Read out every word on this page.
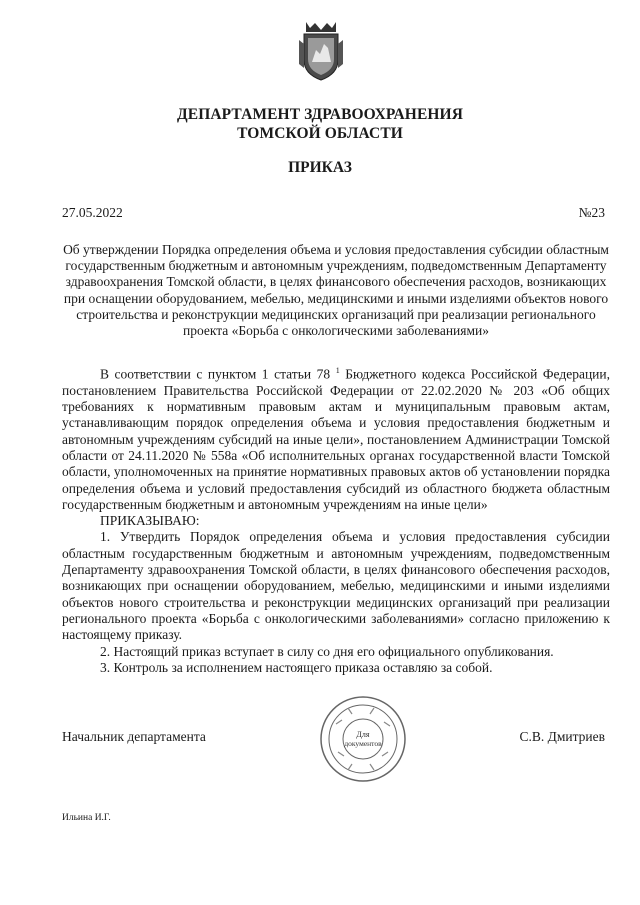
ДЕПАРТАМЕНТ ЗДРАВООХРАНЕНИЯ
ТОМСКОЙ ОБЛАСТИ
ПРИКАЗ
27.05.2022	№23
Об утверждении Порядка определения объема и условия предоставления субсидии областным государственным бюджетным и автономным учреждениям, подведомственным Департаменту здравоохранения Томской области, в целях финансового обеспечения расходов, возникающих при оснащении оборудованием, мебелью, медицинскими и иными изделиями объектов нового строительства и реконструкции медицинских организаций при реализации регионального проекта «Борьба с онкологическими заболеваниями»

В соответствии с пунктом 1 статьи 78 $^1$ Бюджетного кодекса Российской Федерации, постановлением Правительства Российской Федерации от 22.02.2020 № 203 «Об общих требованиях к нормативным правовым актам и муниципальным правовым актам, устанавливающим порядок определения объема и условия предоставления бюджетным и автономным учреждениям субсидий на иные цели», постановлением Администрации Томской области от 24.11.2020 № 558а «Об исполнительных органах государственной власти Томской области, уполномоченных на принятие нормативных правовых актов об установлении порядка определения объема и условий предоставления субсидий из областного бюджета областным государственным бюджетным и автономным учреждениям на иные цели»

ПРИКАЗЫВАЮ:

1. Утвердить Порядок определения объема и условия предоставления субсидии областным государственным бюджетным и автономным учреждениям, подведомственным Департаменту здравоохранения Томской области, в целях финансового обеспечения расходов, возникающих при оснащении оборудованием, мебелью, медицинскими и иными изделиями объектов нового строительства и реконструкции медицинских организаций при реализации регионального проекта «Борьба с онкологическими заболеваниями» согласно приложению к настоящему приказу.

2. Настоящий приказ вступает в силу со дня его официального опубликования.

3. Контроль за исполнением настоящего приказа оставляю за собой.

Начальник департамента	Для
документов	С.В. Дмитриев
Ильина И.Г.
